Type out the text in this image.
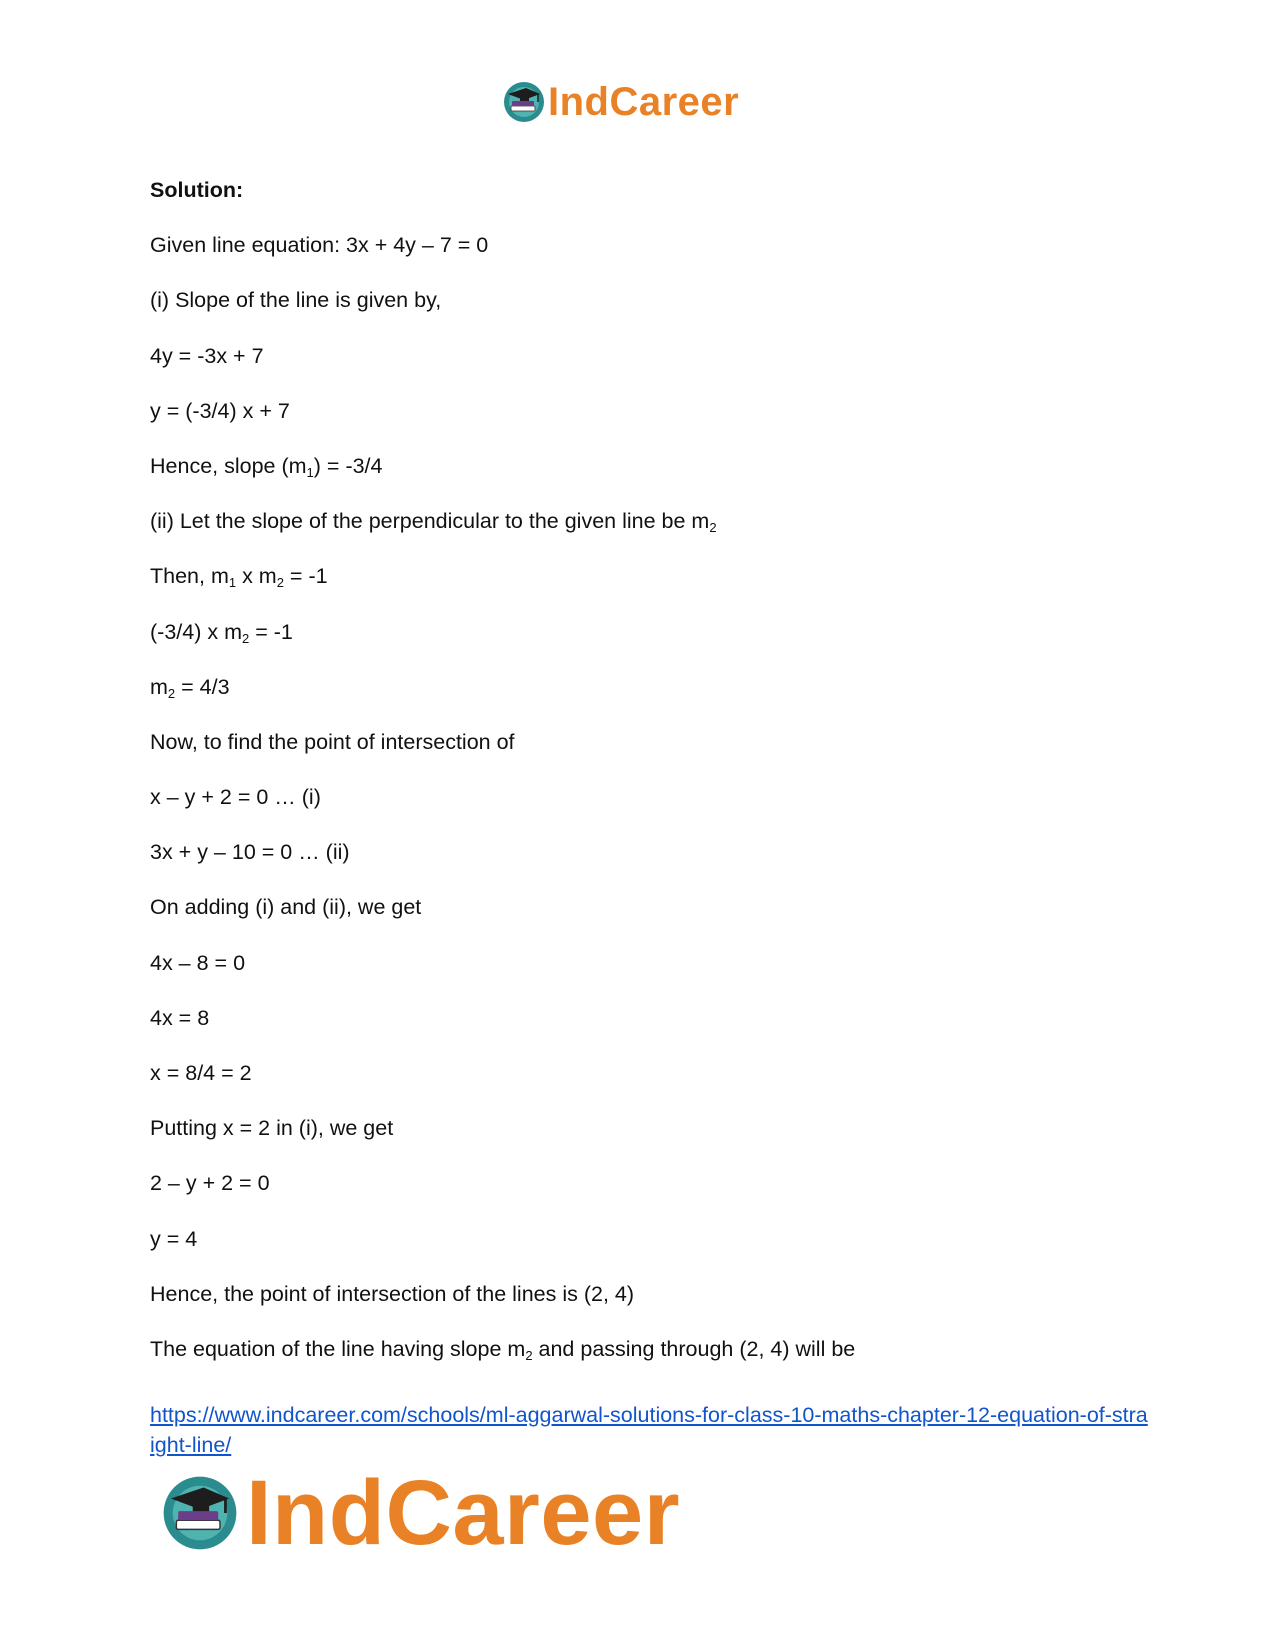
IndCareer
Solution:
Given line equation: 3x + 4y – 7 = 0
(i) Slope of the line is given by,
4y = -3x + 7
y = (-3/4) x + 7
Hence, slope $(m_1) = -3/4$
(ii) Let the slope of the perpendicular to the given line be $m_2$
Then, $m_1$ x $m_2 = -1$
(-3/4) x $m_2 = -1$
$m_2 = 4/3$
Now, to find the point of intersection of
x – y + 2 = 0 … (i)
3x + y – 10 = 0 … (ii)
On adding (i) and (ii), we get
4x – 8 = 0
4x = 8
x = 8/4 = 2
Putting x = 2 in (i), we get
2 – y + 2 = 0
y = 4
Hence, the point of intersection of the lines is (2, 4)
The equation of the line having slope $m_2$ and passing through (2, 4) will be
https://www.indcareer.com/schools/ml-aggarwal-solutions-for-class-10-maths-chapter-12-equation-of-straight-line/
IndCareer
